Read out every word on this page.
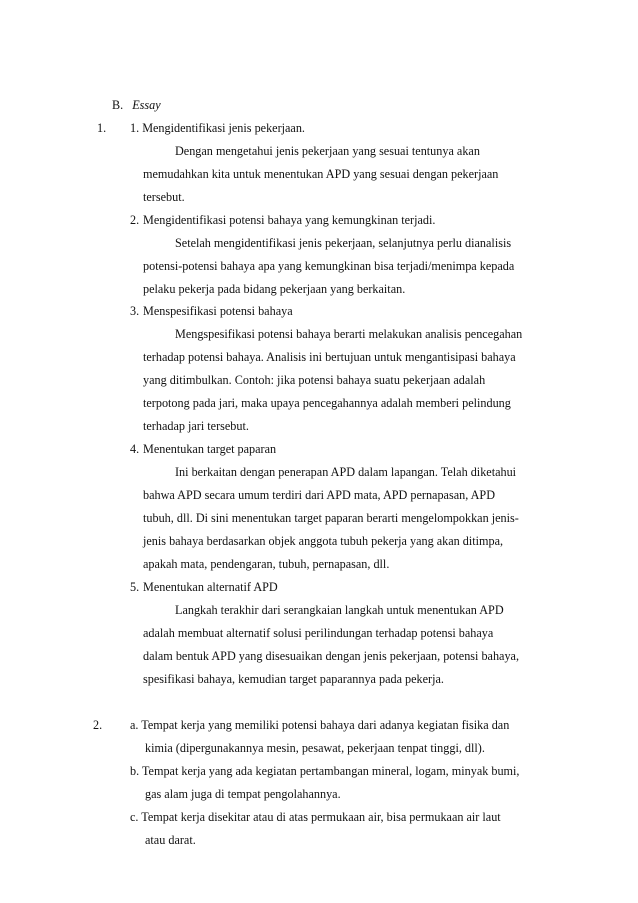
B. Essay
1. 1. Mengidentifikasi jenis pekerjaan.
Dengan mengetahui jenis pekerjaan yang sesuai tentunya akan
memudahkan kita untuk menentukan APD yang sesuai dengan pekerjaan
tersebut.
2. Mengidentifikasi potensi bahaya yang kemungkinan terjadi.
Setelah mengidentifikasi jenis pekerjaan, selanjutnya perlu dianalisis
potensi-potensi bahaya apa yang kemungkinan bisa terjadi/menimpa kepada
pelaku pekerja pada bidang pekerjaan yang berkaitan.
3. Menspesifikasi potensi bahaya
Mengspesifikasi potensi bahaya berarti melakukan analisis pencegahan
terhadap potensi bahaya. Analisis ini bertujuan untuk mengantisipasi bahaya
yang ditimbulkan. Contoh: jika potensi bahaya suatu pekerjaan adalah
terpotong pada jari, maka upaya pencegahannya adalah memberi pelindung
terhadap jari tersebut.
4. Menentukan target paparan
Ini berkaitan dengan penerapan APD dalam lapangan. Telah diketahui
bahwa APD secara umum terdiri dari APD mata, APD pernapasan, APD
tubuh, dll. Di sini menentukan target paparan berarti mengelompokkan jenis-
jenis bahaya berdasarkan objek anggota tubuh pekerja yang akan ditimpa,
apakah mata, pendengaran, tubuh, pernapasan, dll.
5. Menentukan alternatif APD
Langkah terakhir dari serangkaian langkah untuk menentukan APD
adalah membuat alternatif solusi perilindungan terhadap potensi bahaya
dalam bentuk APD yang disesuaikan dengan jenis pekerjaan, potensi bahaya,
spesifikasi bahaya, kemudian target paparannya pada pekerja.
2. a. Tempat kerja yang memiliki potensi bahaya dari adanya kegiatan fisika dan
kimia (dipergunakannya mesin, pesawat, pekerjaan tenpat tinggi, dll).
b. Tempat kerja yang ada kegiatan pertambangan mineral, logam, minyak bumi,
gas alam juga di tempat pengolahannya.
c. Tempat kerja disekitar atau di atas permukaan air, bisa permukaan air laut
atau darat.
